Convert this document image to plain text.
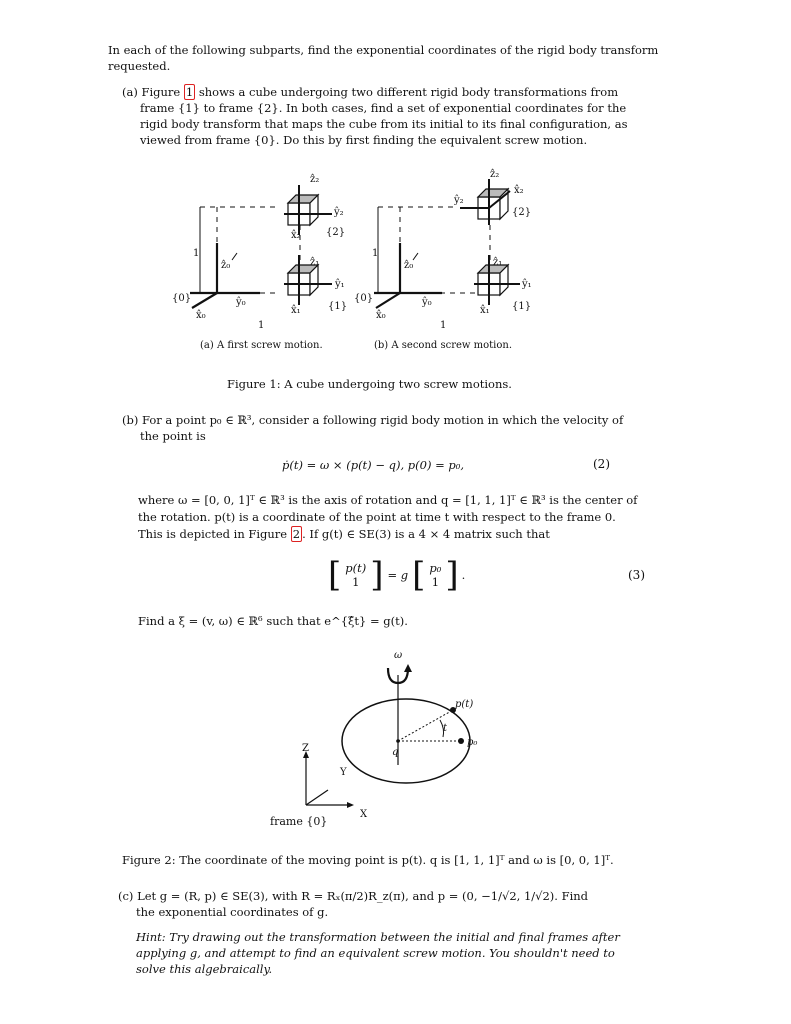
In each of the following subparts, find the exponential coordinates of the rigid body transform
requested.
(a) Figure 1 shows a cube undergoing two different rigid body transformations from
frame {1} to frame {2}. In both cases, find a set of exponential coordinates for the
rigid body transform that maps the cube from its initial to its final configuration, as
viewed from frame {0}. Do this by first finding the equivalent screw motion.
ẑ₂
ŷ₂
x̂₂	{2}
ẑ₁
ŷ₁
x̂₁	{1}
ẑ₀
ŷ₀
x̂₀
{0}
1
1
(a) A first screw motion.
ẑ₂
ŷ₂
x̂₂
{2}
ẑ₁
ŷ₁
x̂₁ {1}
ẑ₀
ŷ₀
x̂₀
{0}
1
1
(b) A second screw motion.
Figure 1: A cube undergoing two screw motions.
(b) For a point p₀ ∈ ℝ³, consider a following rigid body motion in which the velocity of
the point is
ṗ(t) = ω × (p(t) − q), p(0) = p₀,	(2)
where ω = [0, 0, 1]ᵀ ∈ ℝ³ is the axis of rotation and q = [1, 1, 1]ᵀ ∈ ℝ³ is the center of
the rotation. p(t) is a coordinate of the point at time t with respect to the frame 0.
This is depicted in Figure 2 . If g(t) ∈ SE(3) is a 4 × 4 matrix such that
[ p(t)
1 ] = g [ p₀
1 ] .	(3)
Find a ξ = (v, ω) ∈ ℝ⁶ such that e^{ξ̂t} = g(t).
ω
p(t)
t
q
p₀
Z
Y
X
frame {0}
Figure 2: The coordinate of the moving point is p(t). q is [1, 1, 1]ᵀ and ω is [0, 0, 1]ᵀ.
(c) Let g = (R, p) ∈ SE(3), with R = Rₓ(π/2)R_z(π), and p = (0, −1/√2, 1/√2). Find
the exponential coordinates of g.
Hint: Try drawing out the transformation between the initial and final frames after
applying g, and attempt to find an equivalent screw motion. You shouldn't need to
solve this algebraically.
